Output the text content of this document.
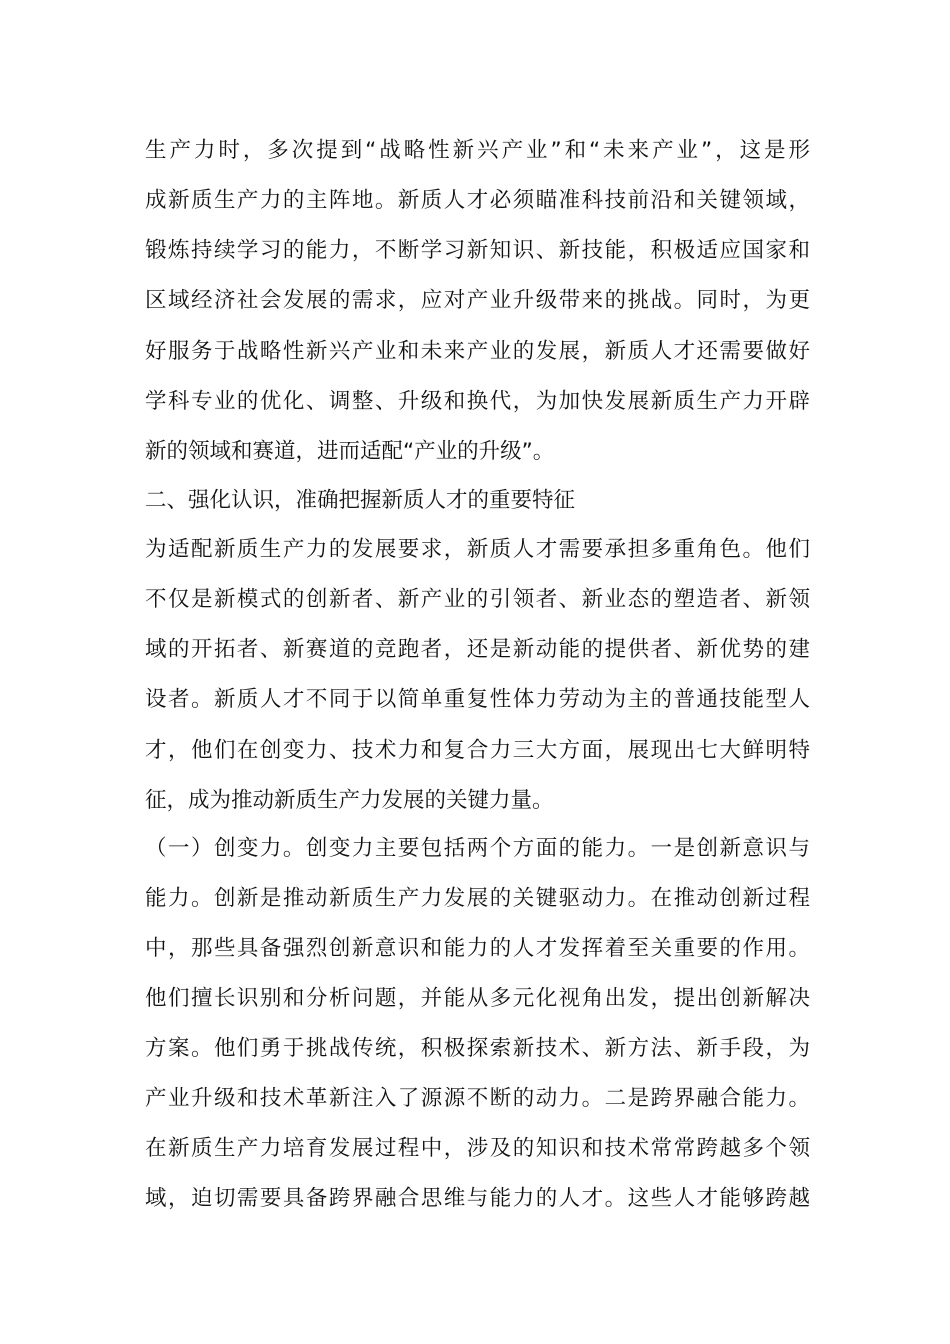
生产力时，多次提到“战略性新兴产业”和“未来产业”，这是形
成新质生产力的主阵地。新质人才必须瞄准科技前沿和关键领域，
锻炼持续学习的能力，不断学习新知识、新技能，积极适应国家和
区域经济社会发展的需求，应对产业升级带来的挑战。同时，为更
好服务于战略性新兴产业和未来产业的发展，新质人才还需要做好
学科专业的优化、调整、升级和换代，为加快发展新质生产力开辟
新的领域和赛道，进而适配“产业的升级”。
二、强化认识，准确把握新质人才的重要特征
为适配新质生产力的发展要求，新质人才需要承担多重角色。他们
不仅是新模式的创新者、新产业的引领者、新业态的塑造者、新领
域的开拓者、新赛道的竞跑者，还是新动能的提供者、新优势的建
设者。新质人才不同于以简单重复性体力劳动为主的普通技能型人
才，他们在创变力、技术力和复合力三大方面，展现出七大鲜明特
征，成为推动新质生产力发展的关键力量。
（一）创变力。创变力主要包括两个方面的能力。一是创新意识与
能力。创新是推动新质生产力发展的关键驱动力。在推动创新过程
中，那些具备强烈创新意识和能力的人才发挥着至关重要的作用。
他们擅长识别和分析问题，并能从多元化视角出发，提出创新解决
方案。他们勇于挑战传统，积极探索新技术、新方法、新手段，为
产业升级和技术革新注入了源源不断的动力。二是跨界融合能力。
在新质生产力培育发展过程中，涉及的知识和技术常常跨越多个领
域，迫切需要具备跨界融合思维与能力的人才。这些人才能够跨越
